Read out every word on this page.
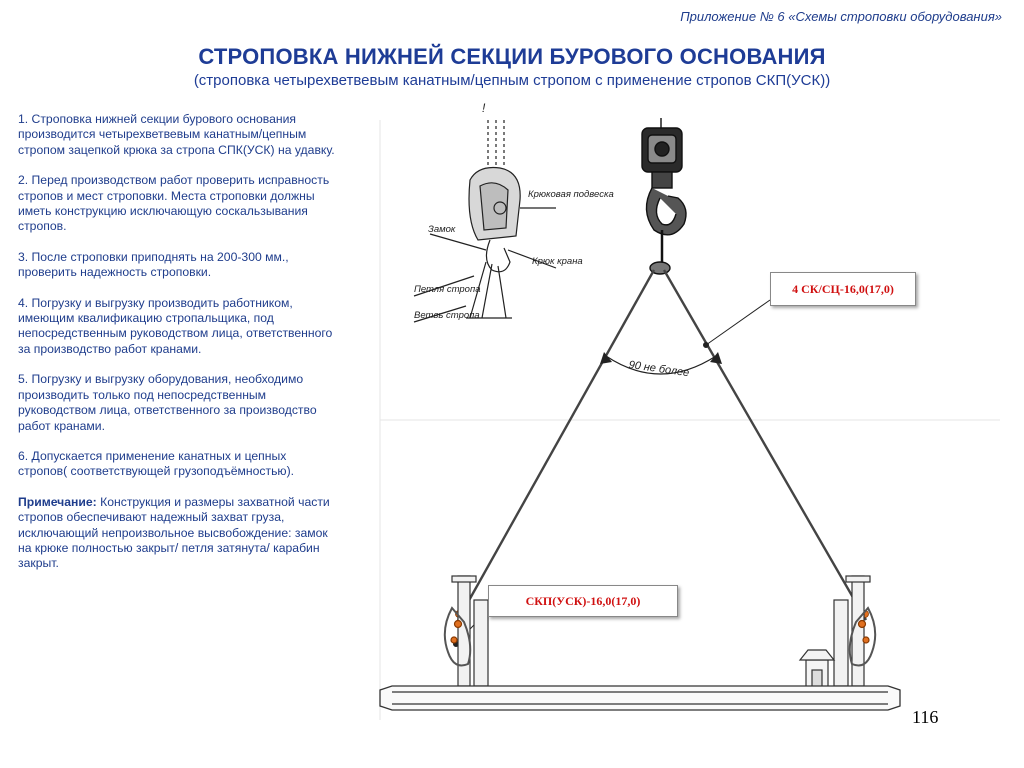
Приложение № 6 «Схемы строповки оборудования»
СТРОПОВКА НИЖНЕЙ СЕКЦИИ БУРОВОГО ОСНОВАНИЯ
(строповка четырехветвевым канатным/цепным стропом с применение стропов СКП(УСК))

1. Строповка нижней секции бурового основания производится четырехветвевым канатным/цепным стропом зацепкой крюка за стропа СПК(УСК) на удавку.

2. Перед производством работ проверить исправность стропов и мест строповки. Места строповки должны иметь конструкцию исключающую соскальзывания стропов.

3. После строповки приподнять на 200-300 мм., проверить надежность строповки.

4. Погрузку и выгрузку производить работником, имеющим квалификацию стропальщика, под непосредственным руководством лица, ответственного за производство работ кранами.

5. Погрузку и выгрузку оборудования, необходимо производить только под непосредственным руководством лица, ответственного за производство работ кранами.

6. Допускается применение канатных и цепных стропов( соответствующей грузоподъёмностью).

Примечание: Конструкция и размеры захватной части стропов обеспечивают надежный захват груза, исключающий непроизвольное высвобождение: замок на крюке полностью закрыт/ петля затянута/ карабин закрыт.

!
Крюковая подвеска
Замок
Крюк крана
Петля стропа
Ветвь стропа
90 не более
4 СК/СЦ-16,0(17,0)
СКП(УСК)-16,0(17,0)
116
